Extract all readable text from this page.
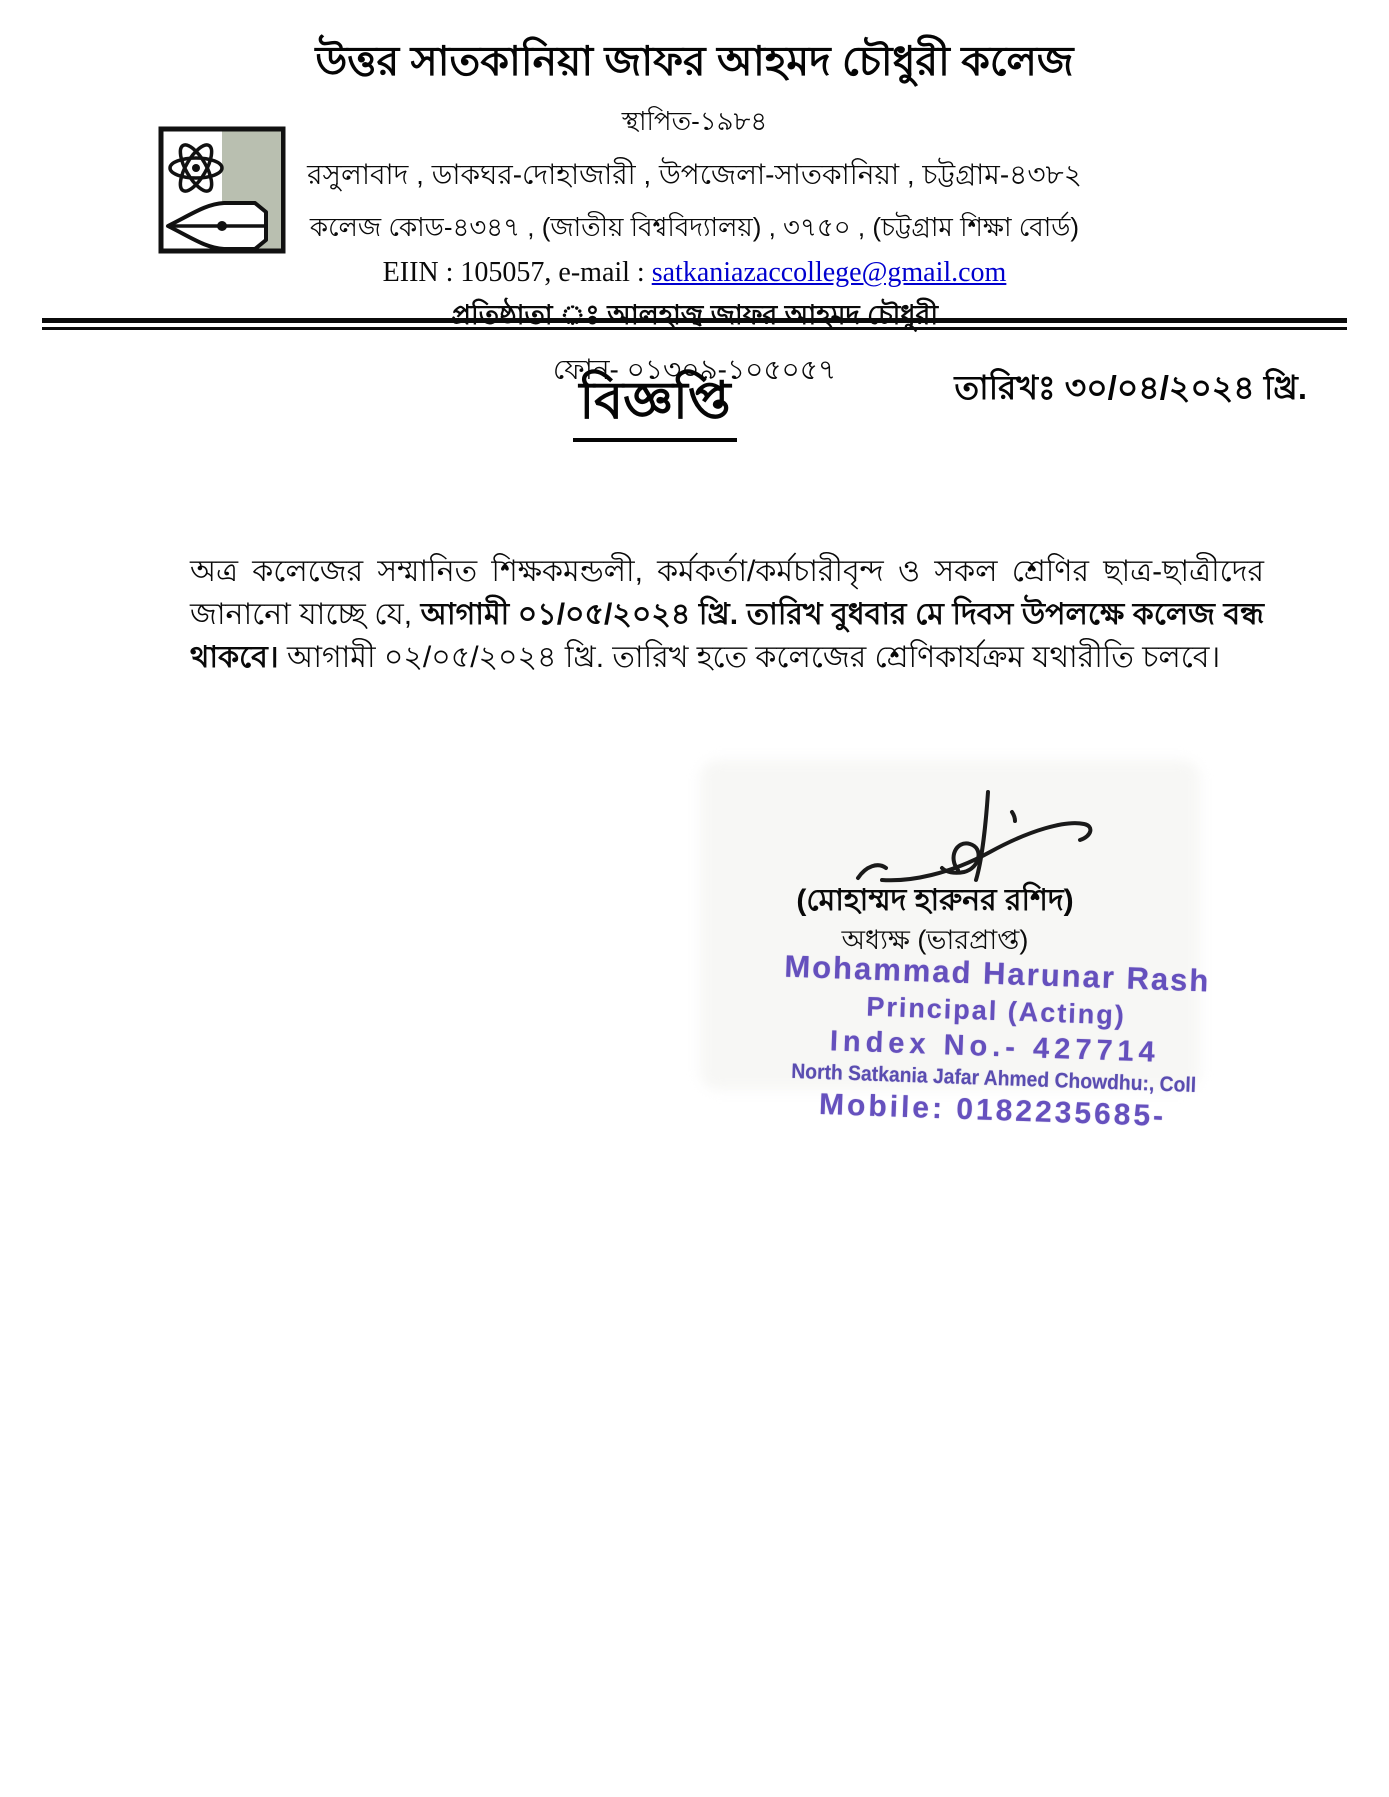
উত্তর সাতকানিয়া জাফর আহমদ চৌধুরী কলেজ
স্থাপিত-১৯৮৪
রসুলাবাদ , ডাকঘর-দোহাজারী , উপজেলা-সাতকানিয়া , চট্টগ্রাম-৪৩৮২
কলেজ কোড-৪৩৪৭ , (জাতীয় বিশ্ববিদ্যালয়) , ৩৭৫০ , (চট্টগ্রাম শিক্ষা বোর্ড)
EIIN : 105057, e-mail : satkaniazaccollege@gmail.com
প্রতিষ্ঠাতা ঃ আলহাজ্ব জাফর আহমদ চৌধুরী
ফোন- ০১৩০৯-১০৫০৫৭	তারিখঃ ৩০/০৪/২০২৪ খ্রি.
বিজ্ঞপ্তি

অত্র কলেজের সম্মানিত শিক্ষকমন্ডলী, কর্মকর্তা/কর্মচারীবৃন্দ ও সকল শ্রেণির ছাত্র-ছাত্রীদের জানানো যাচ্ছে যে, আগামী ০১/০৫/২০২৪ খ্রি. তারিখ বুধবার মে দিবস উপলক্ষে কলেজ বন্ধ থাকবে। আগামী ০২/০৫/২০২৪ খ্রি. তারিখ হতে কলেজের শ্রেণিকার্যক্রম যথারীতি চলবে।

(মোহাম্মদ হারুনর রশিদ)
অধ্যক্ষ (ভারপ্রাপ্ত)
Mohammad Harunar Rash
Principal (Acting)
Index No.- 427714
North Satkania Jafar Ahmed Chowdhu:, Coll
Mobile: 0182235685-
